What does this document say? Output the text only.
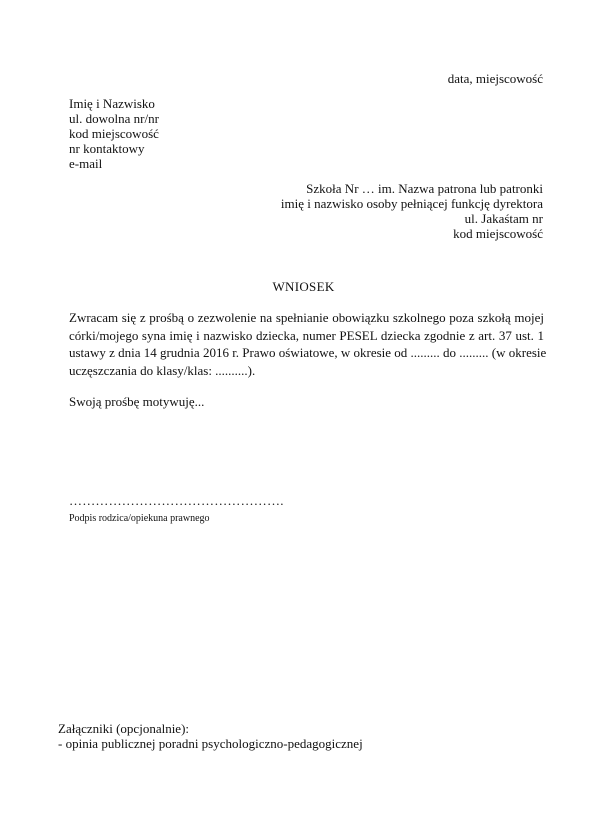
data, miejscowość
Imię i Nazwisko
ul. dowolna nr/nr
kod miejscowość
nr kontaktowy
e-mail
Szkoła Nr … im. Nazwa patrona lub patronki
imię i nazwisko osoby pełniącej funkcję dyrektora
ul. Jakaśtam nr
kod miejscowość
WNIOSEK
Zwracam się z prośbą o zezwolenie na spełnianie obowiązku szkolnego poza szkołą mojej
córki/mojego syna imię i nazwisko dziecka, numer PESEL dziecka zgodnie z art. 37 ust. 1
ustawy z dnia 14 grudnia 2016 r. Prawo oświatowe, w okresie od ......... do ......... (w okresie
uczęszczania do klasy/klas: ..........).
Swoją prośbę motywuję...
………………………………………….
Podpis rodzica/opiekuna prawnego
Załączniki (opcjonalnie):
- opinia publicznej poradni psychologiczno-pedagogicznej
